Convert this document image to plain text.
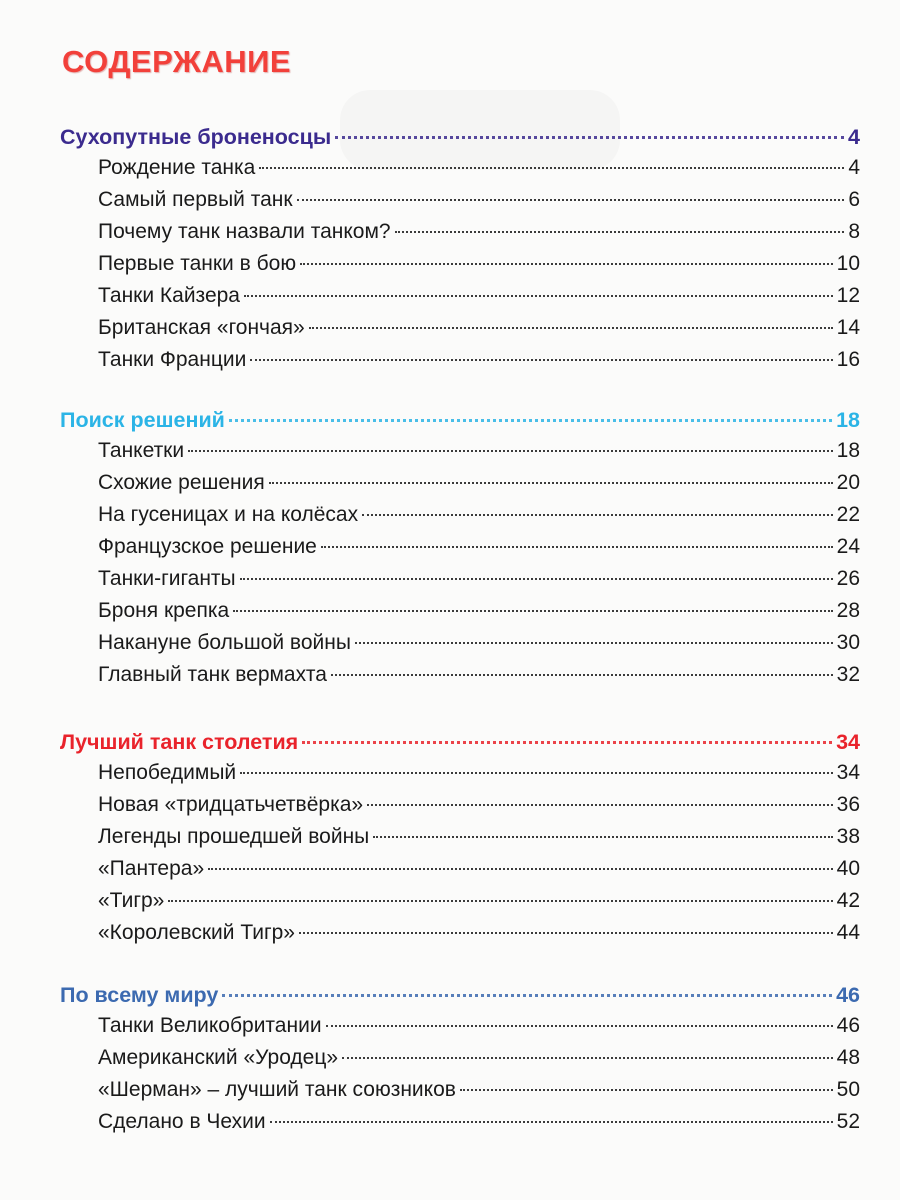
СОДЕРЖАНИЕ
Сухопутные броненосцы	4
Рождение танка	4
Самый первый танк	6
Почему танк назвали танком?	8
Первые танки в бою	10
Танки Кайзера	12
Британская «гончая»	14
Танки Франции	16
Поиск решений	18
Танкетки	18
Схожие решения	20
На гусеницах и на колёсах	22
Французское решение	24
Танки-гиганты	26
Броня крепка	28
Накануне большой войны	30
Главный танк вермахта	32
Лучший танк столетия	34
Непобедимый	34
Новая «тридцатьчетвёрка»	36
Легенды прошедшей войны	38
«Пантера»	40
«Тигр»	42
«Королевский Тигр»	44
По всему миру	46
Танки Великобритании	46
Американский «Уродец»	48
«Шерман» – лучший танк союзников	50
Сделано в Чехии	52
